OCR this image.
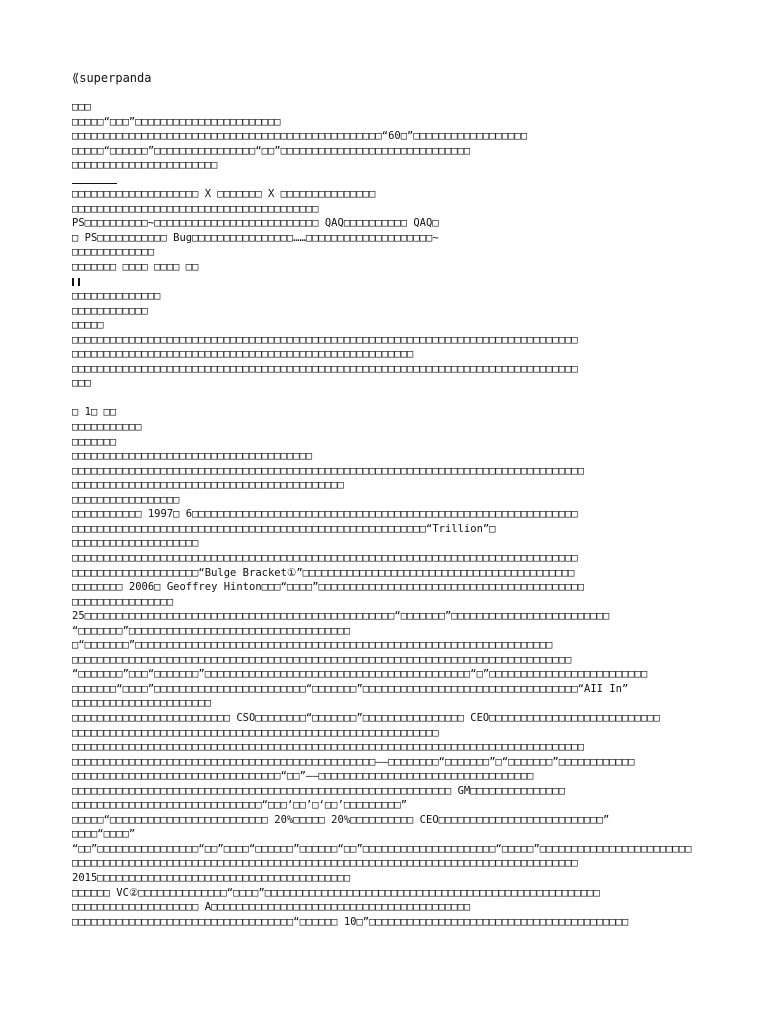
⟪superpanda
□□□
□□□□□“□□□”□□□□□□□□□□□□□□□□□□□□□□□
□□□□□□□□□□□□□□□□□□□□□□□□□□□□□□□□□□□□□□□□□□□□□□□□□“60□”□□□□□□□□□□□□□□□□□□
□□□□□“□□□□□□”□□□□□□□□□□□□□□□□“□□”□□□□□□□□□□□□□□□□□□□□□□□□□□□□□□
□□□□□□□□□□□□□□□□□□□□□□□
□□□□□□□□□□□□□□□□□□□□ X □□□□□□□ X □□□□□□□□□□□□□□□
□□□□□□□□□□□□□□□□□□□□□□□□□□□□□□□□□□□□□□□
PS□□□□□□□□□□~□□□□□□□□□□□□□□□□□□□□□□□□□□ QAQ□□□□□□□□□□ QAQ□
□ PS□□□□□□□□□□□ Bug□□□□□□□□□□□□□□□□……□□□□□□□□□□□□□□□□□□□□~
□□□□□□□□□□□□□
□□□□□□□ □□□□ □□□□ □□
□□□□□□□□□□□□□□
□□□□□□□□□□□□
□□□□□
□□□□□□□□□□□□□□□□□□□□□□□□□□□□□□□□□□□□□□□□□□□□□□□□□□□□□□□□□□□□□□□□□□□□□□□□□□□□□□□□
□□□□□□□□□□□□□□□□□□□□□□□□□□□□□□□□□□□□□□□□□□□□□□□□□□□□□□
□□□□□□□□□□□□□□□□□□□□□□□□□□□□□□□□□□□□□□□□□□□□□□□□□□□□□□□□□□□□□□□□□□□□□□□□□□□□□□□□
□□□
□ 1□ □□
□□□□□□□□□□□
□□□□□□□
□□□□□□□□□□□□□□□□□□□□□□□□□□□□□□□□□□□□□□
□□□□□□□□□□□□□□□□□□□□□□□□□□□□□□□□□□□□□□□□□□□□□□□□□□□□□□□□□□□□□□□□□□□□□□□□□□□□□□□□□
□□□□□□□□□□□□□□□□□□□□□□□□□□□□□□□□□□□□□□□□□□□
□□□□□□□□□□□□□□□□□
□□□□□□□□□□□ 1997□ 6□□□□□□□□□□□□□□□□□□□□□□□□□□□□□□□□□□□□□□□□□□□□□□□□□□□□□□□□□□□□□
□□□□□□□□□□□□□□□□□□□□□□□□□□□□□□□□□□□□□□□□□□□□□□□□□□□□□□□□“Trillion”□
□□□□□□□□□□□□□□□□□□□□
□□□□□□□□□□□□□□□□□□□□□□□□□□□□□□□□□□□□□□□□□□□□□□□□□□□□□□□□□□□□□□□□□□□□□□□□□□□□□□□□
□□□□□□□□□□□□□□□□□□□□“Bulge Bracket①”□□□□□□□□□□□□□□□□□□□□□□□□□□□□□□□□□□□□□□□□□□□
□□□□□□□□ 2006□ Geoffrey Hinton□□□“□□□□”□□□□□□□□□□□□□□□□□□□□□□□□□□□□□□□□□□□□□□□□□□
□□□□□□□□□□□□□□□□
25□□□□□□□□□□□□□□□□□□□□□□□□□□□□□□□□□□□□□□□□□□□□□□□□□“□□□□□□□”□□□□□□□□□□□□□□□□□□□□□□□□□
“□□□□□□□”□□□□□□□□□□□□□□□□□□□□□□□□□□□□□□□□□□□
□“□□□□□□□”□□□□□□□□□□□□□□□□□□□□□□□□□□□□□□□□□□□□□□□□□□□□□□□□□□□□□□□□□□□□□□□□□□
□□□□□□□□□□□□□□□□□□□□□□□□□□□□□□□□□□□□□□□□□□□□□□□□□□□□□□□□□□□□□□□□□□□□□□□□□□□□□□□
“□□□□□□□”□□□“□□□□□□□”□□□□□□□□□□□□□□□□□□□□□□□□□□□□□□□□□□□□□□□□□□“□”□□□□□□□□□□□□□□□□□□□□□□□□□
□□□□□□□“□□□□”□□□□□□□□□□□□□□□□□□□□□□□□“□□□□□□□”□□□□□□□□□□□□□□□□□□□□□□□□□□□□□□□□□□“AII In”
□□□□□□□□□□□□□□□□□□□□□□
□□□□□□□□□□□□□□□□□□□□□□□□□ CSO□□□□□□□□“□□□□□□□”□□□□□□□□□□□□□□□□ CEO□□□□□□□□□□□□□□□□□□□□□□□□□□□
□□□□□□□□□□□□□□□□□□□□□□□□□□□□□□□□□□□□□□□□□□□□□□□□□□□□□□□□□□
□□□□□□□□□□□□□□□□□□□□□□□□□□□□□□□□□□□□□□□□□□□□□□□□□□□□□□□□□□□□□□□□□□□□□□□□□□□□□□□□□
□□□□□□□□□□□□□□□□□□□□□□□□□□□□□□□□□□□□□□□□□□□□□□□□——□□□□□□□□“□□□□□□□”□“□□□□□□□”□□□□□□□□□□□□
□□□□□□□□□□□□□□□□□□□□□□□□□□□□□□□□□“□□”——□□□□□□□□□□□□□□□□□□□□□□□□□□□□□□□□□□
□□□□□□□□□□□□□□□□□□□□□□□□□□□□□□□□□□□□□□□□□□□□□□□□□□□□□□□□□□□□ GM□□□□□□□□□□□□□□□
□□□□□□□□□□□□□□□□□□□□□□□□□□□□□□“□□□‘□□’□‘□□’□□□□□□□□□”
□□□□□“□□□□□□□□□□□□□□□□□□□□□□□□□ 20%□□□□□ 20%□□□□□□□□□□ CEO□□□□□□□□□□□□□□□□□□□□□□□□□□”
□□□□“□□□□”
“□□”□□□□□□□□□□□□□□□□“□□”□□□□“□□□□□□”□□□□□□“□□”□□□□□□□□□□□□□□□□□□□□□“□□□□□”□□□□□□□□□□□□□□□□□□□□□□□□
□□□□□□□□□□□□□□□□□□□□□□□□□□□□□□□□□□□□□□□□□□□□□□□□□□□□□□□□□□□□□□□□□□□□□□□□□□□□□□□□
2015□□□□□□□□□□□□□□□□□□□□□□□□□□□□□□□□□□□□□□□□
□□□□□□ VC②□□□□□□□□□□□□□□“□□□□”□□□□□□□□□□□□□□□□□□□□□□□□□□□□□□□□□□□□□□□□□□□□□□□□□□□□□
□□□□□□□□□□□□□□□□□□□□ A□□□□□□□□□□□□□□□□□□□□□□□□□□□□□□□□□□□□□□□□□
□□□□□□□□□□□□□□□□□□□□□□□□□□□□□□□□□□□“□□□□□□ 10□”□□□□□□□□□□□□□□□□□□□□□□□□□□□□□□□□□□□□□□□□□
